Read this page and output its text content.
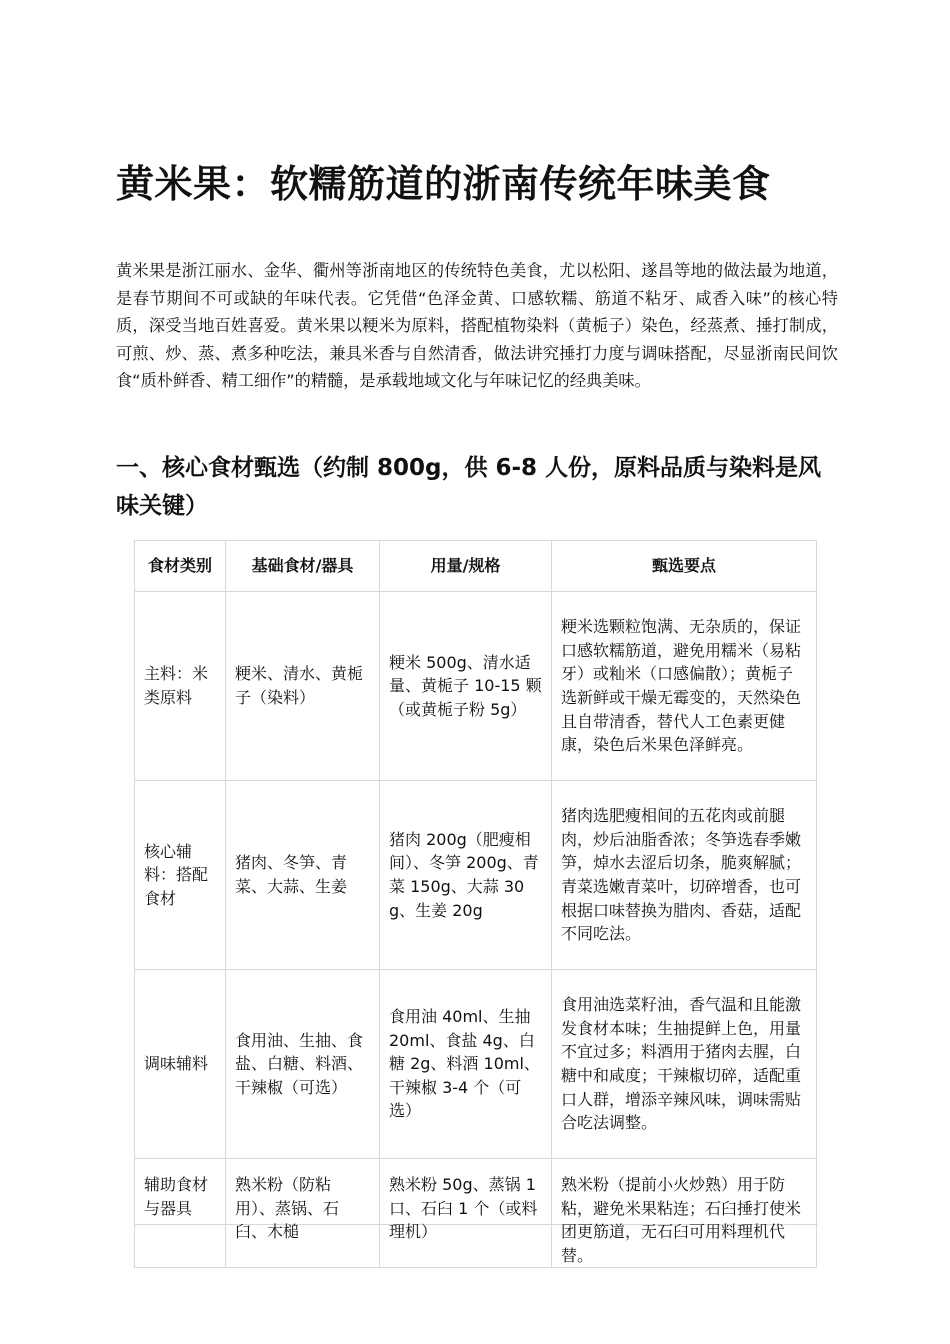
黄米果：软糯筋道的浙南传统年味美食

黄米果是浙江丽水、金华、衢州等浙南地区的传统特色美食，尤以松阳、遂昌等地的做法最为地道，是春节期间不可或缺的年味代表。它凭借“色泽金黄、口感软糯、筋道不粘牙、咸香入味”的核心特质，深受当地百姓喜爱。黄米果以粳米为原料，搭配植物染料（黄栀子）染色，经蒸煮、捶打制成，可煎、炒、蒸、煮多种吃法，兼具米香与自然清香，做法讲究捶打力度与调味搭配，尽显浙南民间饮食“质朴鲜香、精工细作”的精髓，是承载地域文化与年味记忆的经典美味。

一、核心食材甄选（约制 800g，供 6-8 人份，原料品质与染料是风味关键）
食材类别	基础食材/器具	用量/规格	甄选要点
主料：米类原料	粳米、清水、黄栀子（染料）	粳米 500g、清水适量、黄栀子 10-15 颗（或黄栀子粉 5g）	粳米选颗粒饱满、无杂质的，保证口感软糯筋道，避免用糯米（易粘牙）或籼米（口感偏散）；黄栀子选新鲜或干燥无霉变的，天然染色且自带清香，替代人工色素更健康，染色后米果色泽鲜亮。
核心辅料：搭配食材	猪肉、冬笋、青菜、大蒜、生姜	猪肉 200g（肥瘦相间）、冬笋 200g、青菜 150g、大蒜 30g、生姜 20g	猪肉选肥瘦相间的五花肉或前腿肉，炒后油脂香浓；冬笋选春季嫩笋，焯水去涩后切条，脆爽解腻；青菜选嫩青菜叶，切碎增香，也可根据口味替换为腊肉、香菇，适配不同吃法。
调味辅料	食用油、生抽、食盐、白糖、料酒、干辣椒（可选）	食用油 40ml、生抽 20ml、食盐 4g、白糖 2g、料酒 10ml、干辣椒 3-4 个（可选）	食用油选菜籽油，香气温和且能激发食材本味；生抽提鲜上色，用量不宜过多；料酒用于猪肉去腥，白糖中和咸度；干辣椒切碎，适配重口人群，增添辛辣风味，调味需贴合吃法调整。
辅助食材与器具	熟米粉（防粘用）、蒸锅、石臼、木槌	熟米粉 50g、蒸锅 1 口、石臼 1 个（或料理机）	熟米粉（提前小火炒熟）用于防粘，避免米果粘连；石臼捶打使米团更筋道，无石臼可用料理机代替。
